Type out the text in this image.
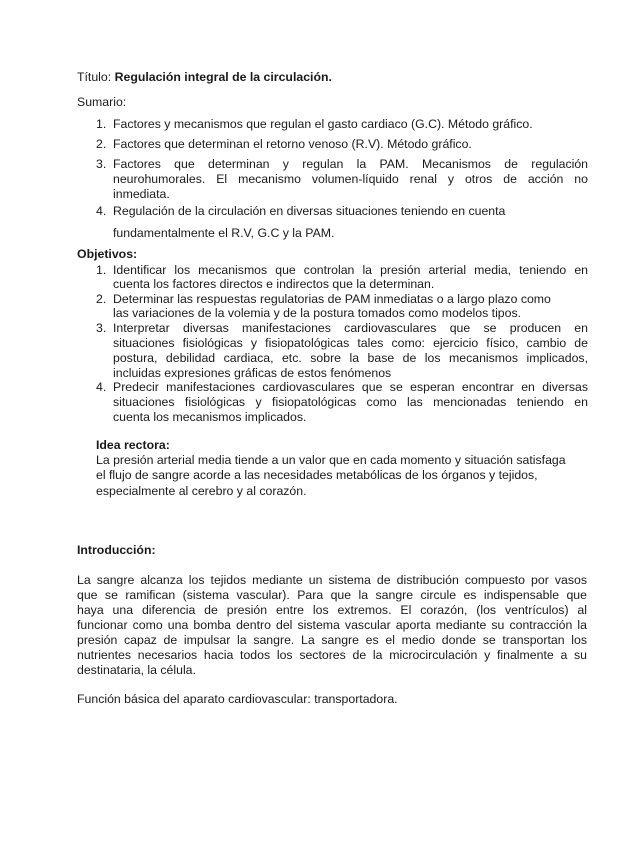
Título: Regulación integral de la circulación.
Sumario:
1. Factores y mecanismos que regulan el gasto cardiaco (G.C). Método gráfico.
2. Factores que determinan el retorno venoso (R.V). Método gráfico.
3. Factores que determinan y regulan la PAM. Mecanismos de regulación
neurohumorales. El mecanismo volumen-líquido renal y otros de acción no
inmediata.
4. Regulación de la circulación en diversas situaciones teniendo en cuenta
fundamentalmente el R.V, G.C y la PAM.
Objetivos:
1. Identificar los mecanismos que controlan la presión arterial media, teniendo en
cuenta los factores directos e indirectos que la determinan.
2. Determinar las respuestas regulatorias de PAM inmediatas o a largo plazo como
las variaciones de la volemia y de la postura tomados como modelos tipos.
3. Interpretar diversas manifestaciones cardiovasculares que se producen en
situaciones fisiológicas y fisiopatológicas tales como: ejercicio físico, cambio de
postura, debilidad cardiaca, etc. sobre la base de los mecanismos implicados,
incluidas expresiones gráficas de estos fenómenos
4. Predecir manifestaciones cardiovasculares que se esperan encontrar en diversas
situaciones fisiológicas y fisiopatológicas como las mencionadas teniendo en
cuenta los mecanismos implicados.
Idea rectora:
La presión arterial media tiende a un valor que en cada momento y situación satisfaga
el flujo de sangre acorde a las necesidades metabólicas de los órganos y tejidos,
especialmente al cerebro y al corazón.
Introducción:
La sangre alcanza los tejidos mediante un sistema de distribución compuesto por vasos
que se ramifican (sistema vascular). Para que la sangre circule es indispensable que
haya una diferencia de presión entre los extremos. El corazón, (los ventrículos) al
funcionar como una bomba dentro del sistema vascular aporta mediante su contracción la
presión capaz de impulsar la sangre. La sangre es el medio donde se transportan los
nutrientes necesarios hacia todos los sectores de la microcirculación y finalmente a su
destinataria, la célula.
Función básica del aparato cardiovascular: transportadora.
